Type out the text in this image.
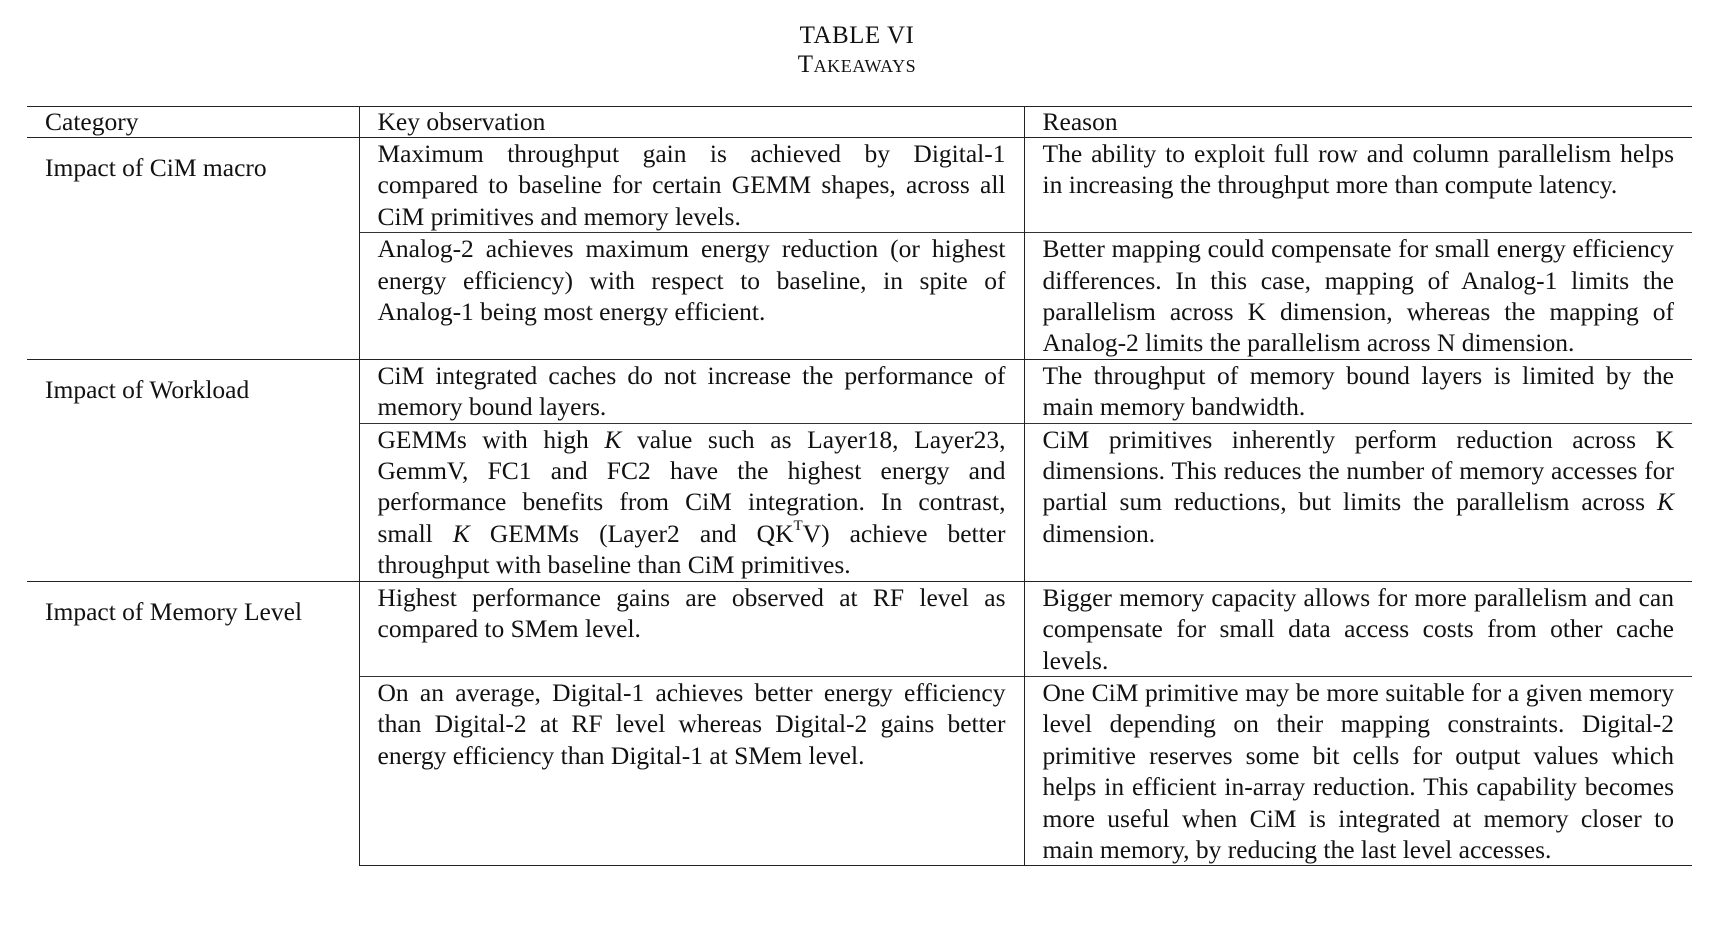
TABLE VI
Takeaways
Category	Key observation	Reason
Impact of CiM macro	Maximum throughput gain is achieved by Digital-1 compared to baseline for certain GEMM shapes, across all CiM primitives and memory levels.	The ability to exploit full row and column parallelism helps in increasing the throughput more than compute latency.
	Analog-2 achieves maximum energy reduction (or highest energy efficiency) with respect to baseline, in spite of Analog-1 being most energy efficient.	Better mapping could compensate for small energy efficiency differences. In this case, mapping of Analog-1 limits the parallelism across K dimension, whereas the mapping of Analog-2 limits the parallelism across N dimension.
Impact of Workload	CiM integrated caches do not increase the performance of memory bound layers.	The throughput of memory bound layers is limited by the main memory bandwidth.
	GEMMs with high K value such as Layer18, Layer23, GemmV, FC1 and FC2 have the highest energy and performance benefits from CiM integration. In contrast, small K GEMMs (Layer2 and $QK^TV$) achieve better throughput with baseline than CiM primitives.	CiM primitives inherently perform reduction across K dimensions. This reduces the number of memory accesses for partial sum reductions, but limits the parallelism across K dimension.
Impact of Memory Level	Highest performance gains are observed at RF level as compared to SMem level.	Bigger memory capacity allows for more parallelism and can compensate for small data access costs from other cache levels.
	On an average, Digital-1 achieves better energy efficiency than Digital-2 at RF level whereas Digital-2 gains better energy efficiency than Digital-1 at SMem level.	One CiM primitive may be more suitable for a given memory level depending on their mapping constraints. Digital-2 primitive reserves some bit cells for output values which helps in efficient in-array reduction. This capability becomes more useful when CiM is integrated at memory closer to main memory, by reducing the last level accesses.
